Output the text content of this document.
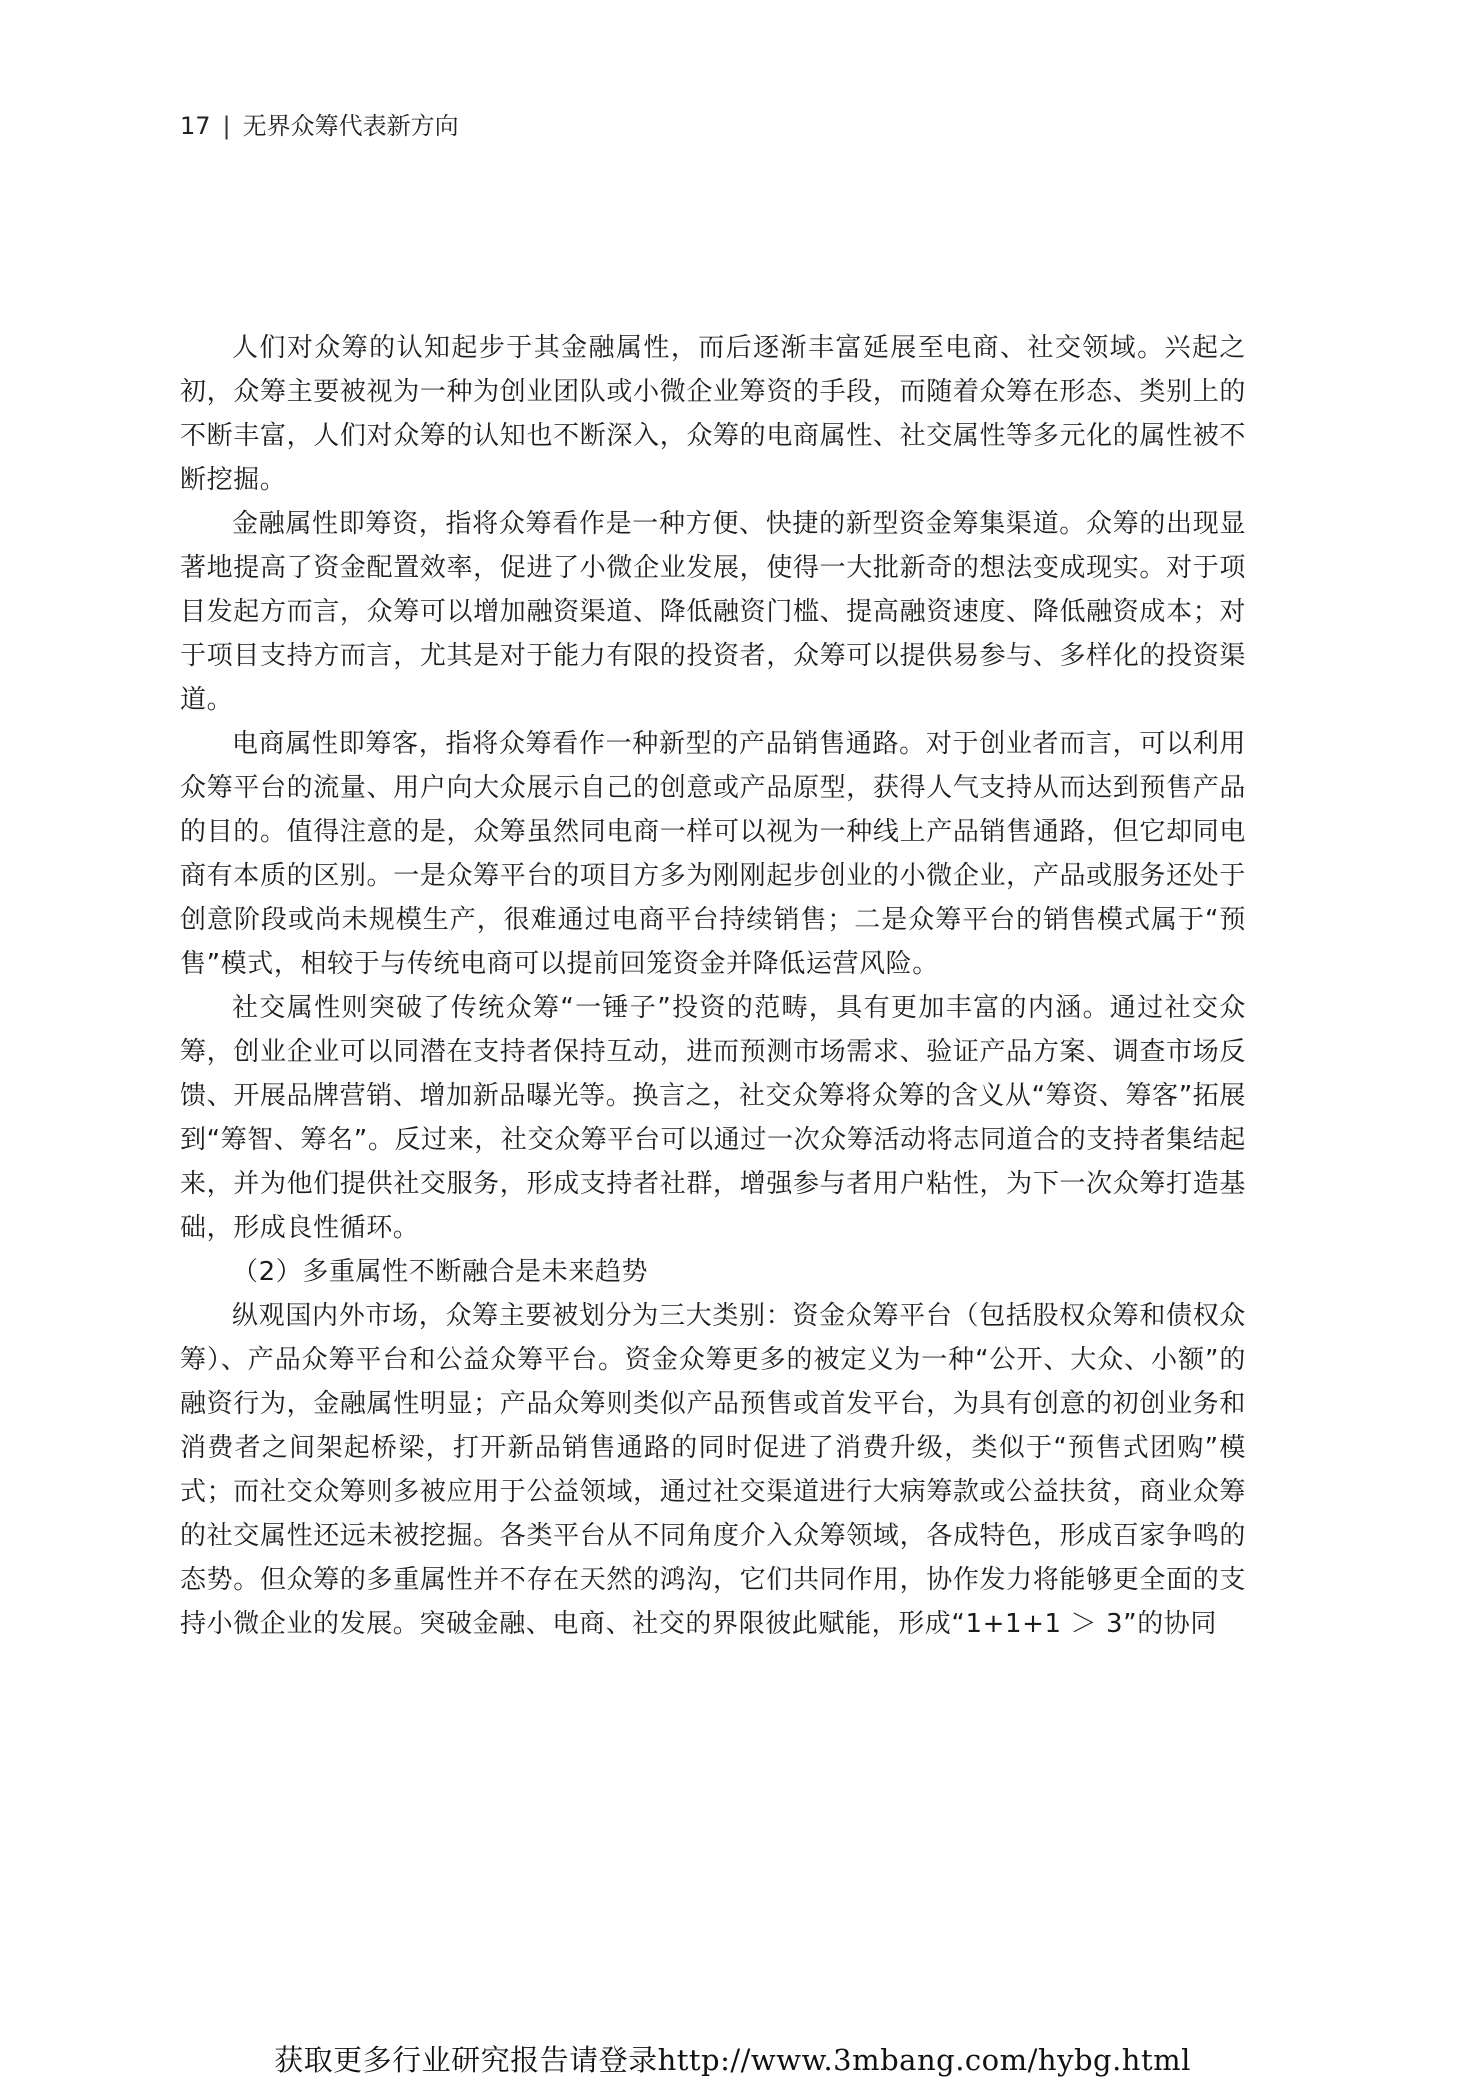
17 | 无界众筹代表新方向

人们对众筹的认知起步于其金融属性，而后逐渐丰富延展至电商、社交领域。兴起之初，众筹主要被视为一种为创业团队或小微企业筹资的手段，而随着众筹在形态、类别上的不断丰富，人们对众筹的认知也不断深入，众筹的电商属性、社交属性等多元化的属性被不断挖掘。

金融属性即筹资，指将众筹看作是一种方便、快捷的新型资金筹集渠道。众筹的出现显著地提高了资金配置效率，促进了小微企业发展，使得一大批新奇的想法变成现实。对于项目发起方而言，众筹可以增加融资渠道、降低融资门槛、提高融资速度、降低融资成本；对于项目支持方而言，尤其是对于能力有限的投资者，众筹可以提供易参与、多样化的投资渠道。

电商属性即筹客，指将众筹看作一种新型的产品销售通路。对于创业者而言，可以利用众筹平台的流量、用户向大众展示自己的创意或产品原型，获得人气支持从而达到预售产品的目的。值得注意的是，众筹虽然同电商一样可以视为一种线上产品销售通路，但它却同电商有本质的区别。一是众筹平台的项目方多为刚刚起步创业的小微企业，产品或服务还处于创意阶段或尚未规模生产，很难通过电商平台持续销售；二是众筹平台的销售模式属于“预售”模式，相较于与传统电商可以提前回笼资金并降低运营风险。

社交属性则突破了传统众筹“一锤子”投资的范畴，具有更加丰富的内涵。通过社交众筹，创业企业可以同潜在支持者保持互动，进而预测市场需求、验证产品方案、调查市场反馈、开展品牌营销、增加新品曝光等。换言之，社交众筹将众筹的含义从“筹资、筹客”拓展到“筹智、筹名”。反过来，社交众筹平台可以通过一次众筹活动将志同道合的支持者集结起来，并为他们提供社交服务，形成支持者社群，增强参与者用户粘性，为下一次众筹打造基础，形成良性循环。

（2）多重属性不断融合是未来趋势

纵观国内外市场，众筹主要被划分为三大类别：资金众筹平台（包括股权众筹和债权众筹）、产品众筹平台和公益众筹平台。资金众筹更多的被定义为一种“公开、大众、小额”的融资行为，金融属性明显；产品众筹则类似产品预售或首发平台，为具有创意的初创业务和消费者之间架起桥梁，打开新品销售通路的同时促进了消费升级，类似于“预售式团购”模式；而社交众筹则多被应用于公益领域，通过社交渠道进行大病筹款或公益扶贫，商业众筹的社交属性还远未被挖掘。各类平台从不同角度介入众筹领域，各成特色，形成百家争鸣的态势。但众筹的多重属性并不存在天然的鸿沟，它们共同作用，协作发力将能够更全面的支持小微企业的发展。突破金融、电商、社交的界限彼此赋能，形成“1+1+1 ＞ 3”的协同

获取更多行业研究报告请登录http://www.3mbang.com/hybg.html
